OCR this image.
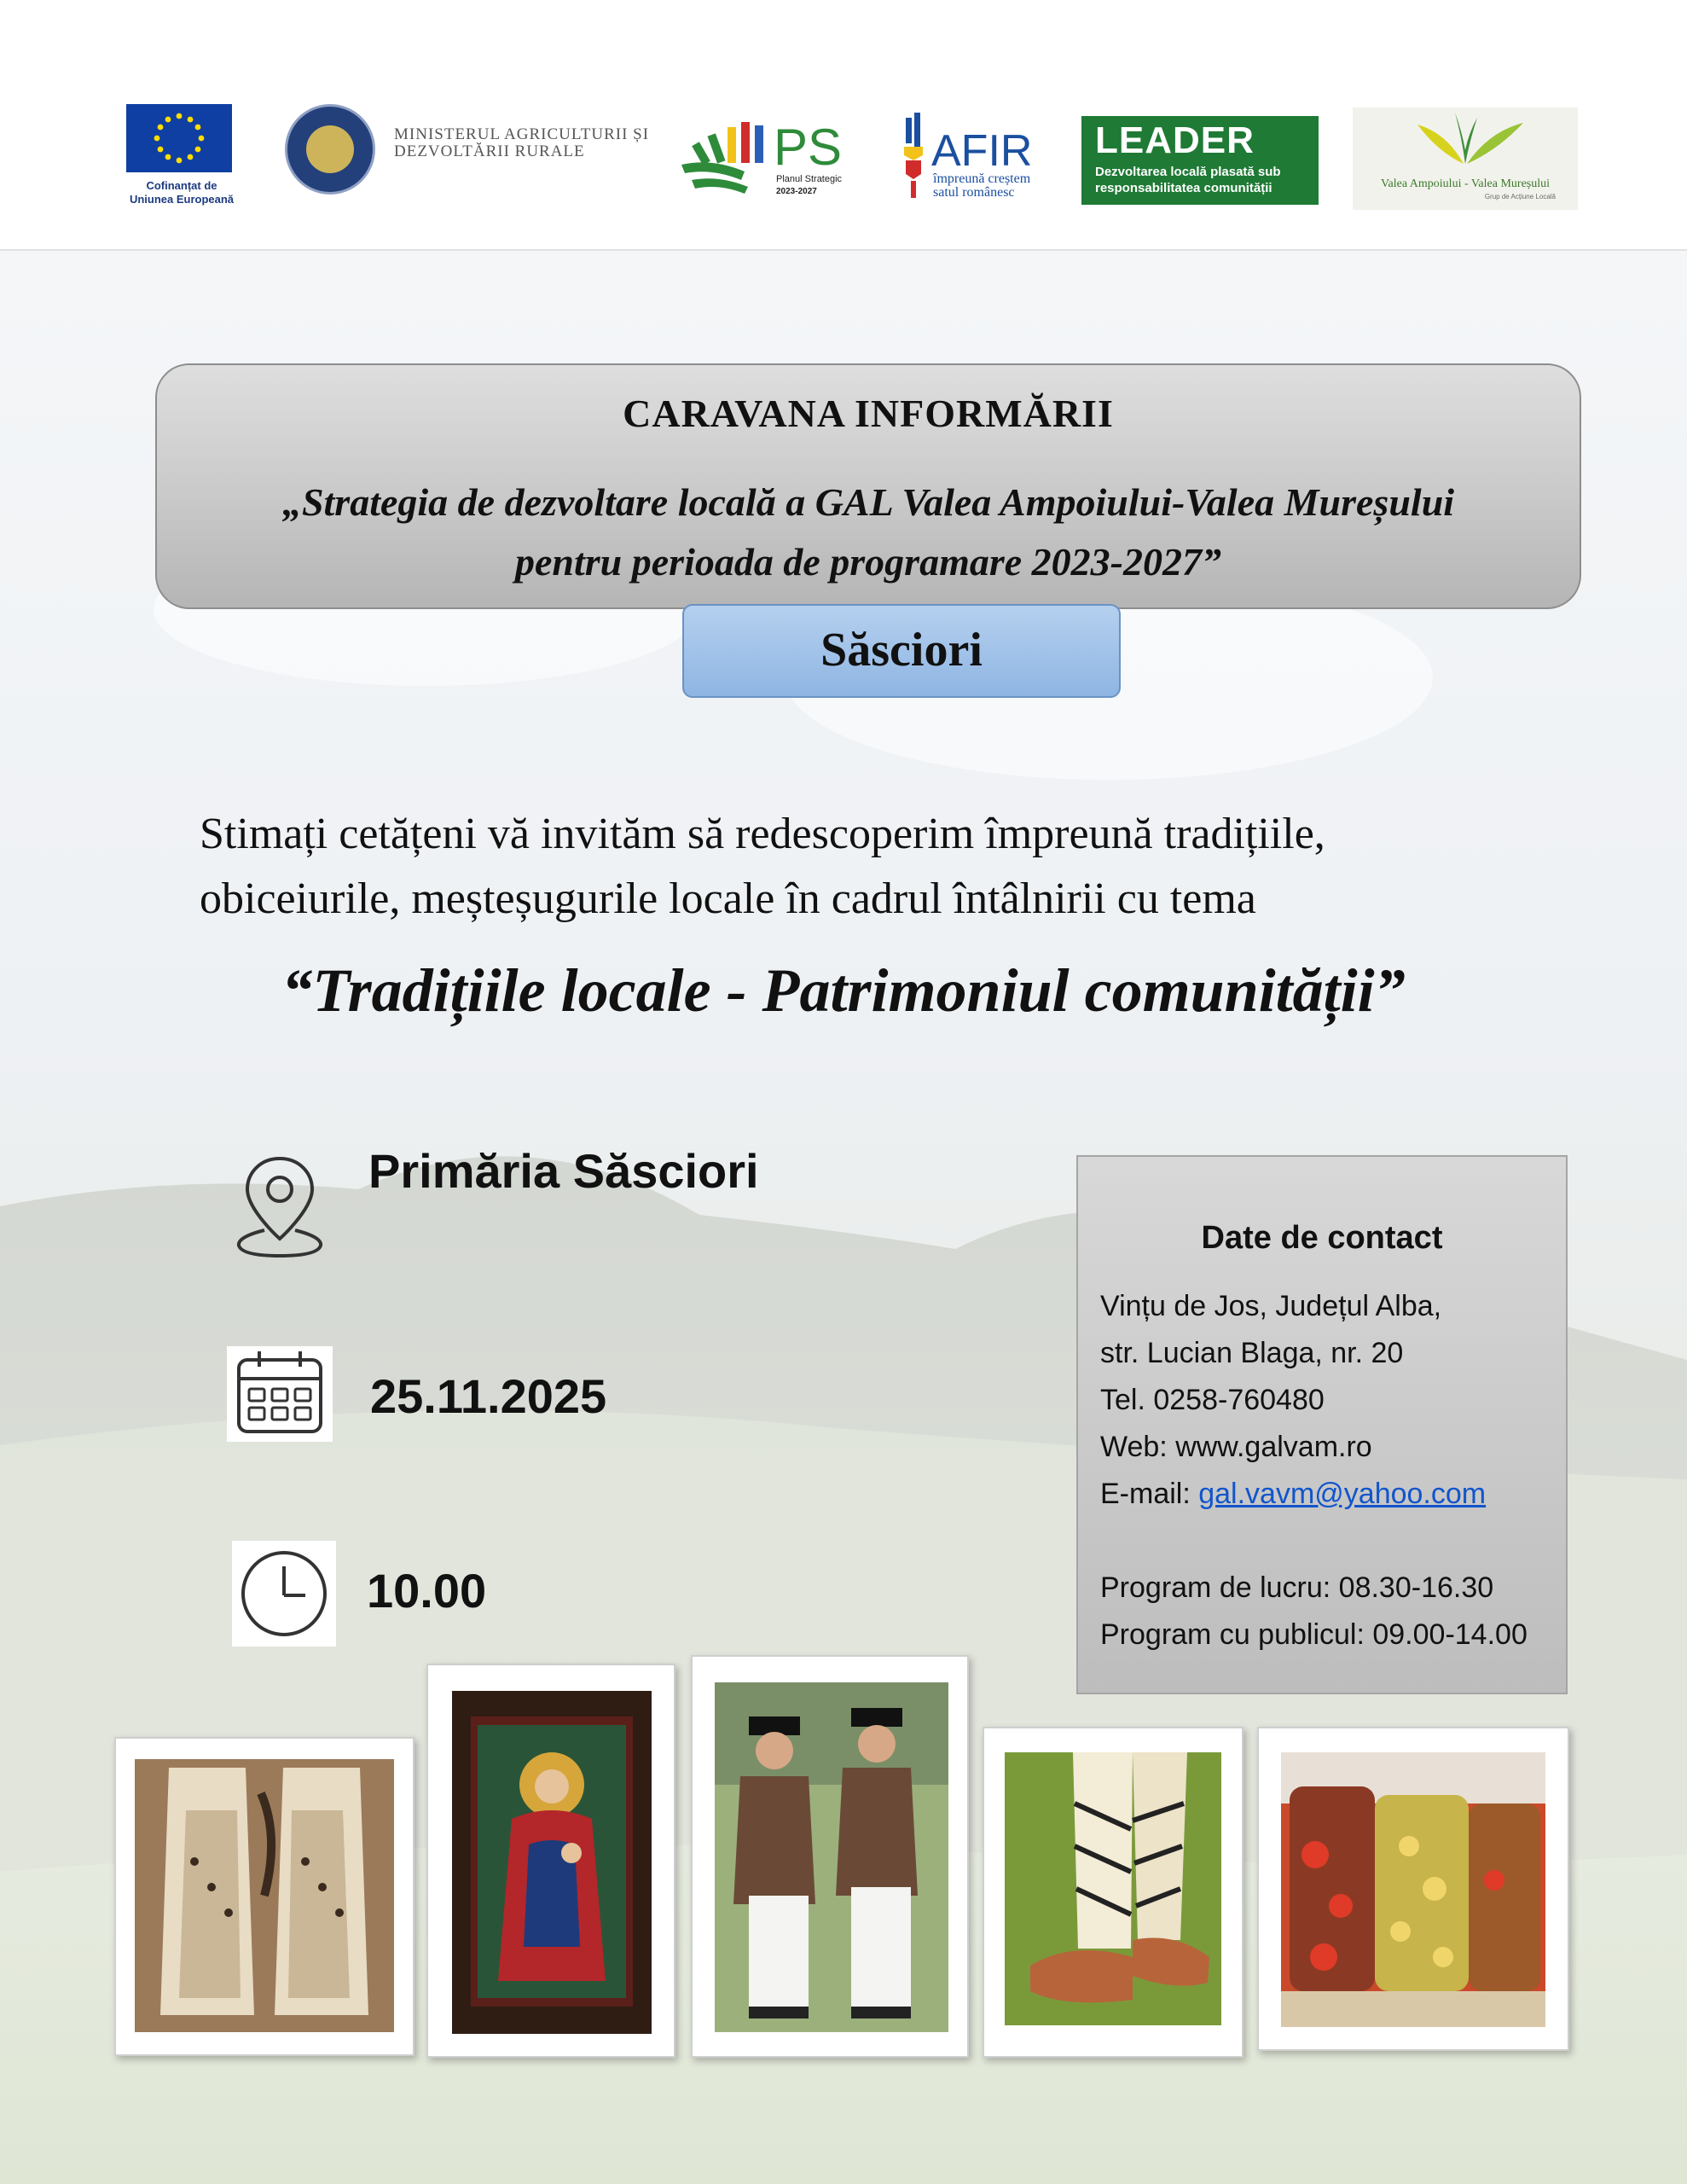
Cofinanțat de
Uniunea Europeană
MINISTERUL AGRICULTURII ȘI DEZVOLTĂRII RURALE	PS
Planul Strategic
2023-2027
AFIR
împreună creștem
satul românesc
LEADER
Dezvoltarea locală plasată sub responsabilitatea comunității	Valea Ampoiului - Valea Mureșului
Grup de Acțiune Locală
CARAVANA INFORMĂRII
„Strategia de dezvoltare locală a GAL Valea Ampoiului-Valea Mureșului
pentru perioada de programare 2023-2027”
Săsciori
Stimați cetățeni vă invităm să redescoperim împreună tradițiile,
obiceiurile, meșteșugurile locale în cadrul întâlnirii cu tema
“Tradițiile locale - Patrimoniul comunității”
Primăria Săsciori
25.11.2025
10.00
Date de contact
Vințu de Jos, Județul Alba,
str. Lucian Blaga, nr. 20
Tel. 0258-760480
Web: www.galvam.ro
E-mail: gal.vavm@yahoo.com
Program de lucru: 08.30-16.30
Program cu publicul: 09.00-14.00
